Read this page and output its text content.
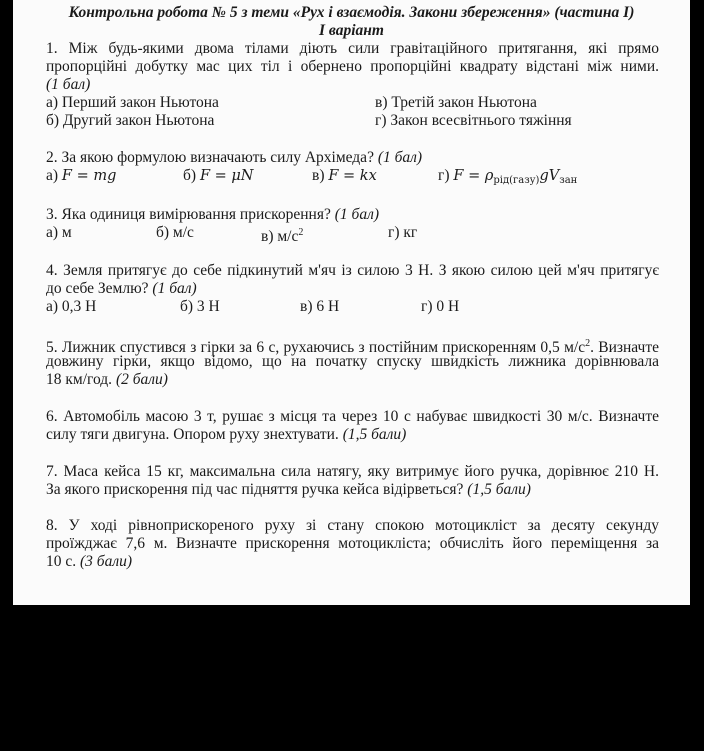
Контрольна робота № 5 з теми «Рух і взаємодія. Закони збереження» (частина I)
I варіант
1. Між будь-якими двома тілами діють сили гравітаційного притягання, які прямо
пропорційні добутку мас цих тіл і обернено пропорційні квадрату відстані між ними.
(1 бал)
а) Перший закон Ньютона	в) Третій закон Ньютона
б) Другий закон Ньютона	г) Закон всесвітнього тяжіння
2. За якою формулою визначають силу Архімеда? (1 бал)
а) F = mg	б) F = μN	в) F = kx	г) $F = \rho_{рід(газу)}gV_{зан}$
3. Яка одиниця вимірювання прискорення? (1 бал)
а) м	б) м/с	в) $м/с^2$	г) кг
4. Земля притягує до себе підкинутий м'яч із силою 3 Н. З якою силою цей м'яч притягує
до себе Землю? (1 бал)
а) 0,3 Н	б) 3 Н	в) 6 Н	г) 0 Н
5. Лижник спустився з гірки за 6 с, рухаючись з постійним прискоренням 0,5 $м/с^2$. Визначте
довжину гірки, якщо відомо, що на початку спуску швидкість лижника дорівнювала
18 км/год. (2 бали)
6. Автомобіль масою 3 т, рушає з місця та через 10 с набуває швидкості 30 м/с. Визначте
силу тяги двигуна. Опором руху знехтувати. (1,5 бали)
7. Маса кейса 15 кг, максимальна сила натягу, яку витримує його ручка, дорівнює 210 Н.
За якого прискорення під час підняття ручка кейса відірветься? (1,5 бали)
8. У ході рівноприскореного руху зі стану спокою мотоцикліст за десяту секунду
проїжджає 7,6 м. Визначте прискорення мотоцикліста; обчисліть його переміщення за
10 с. (3 бали)
